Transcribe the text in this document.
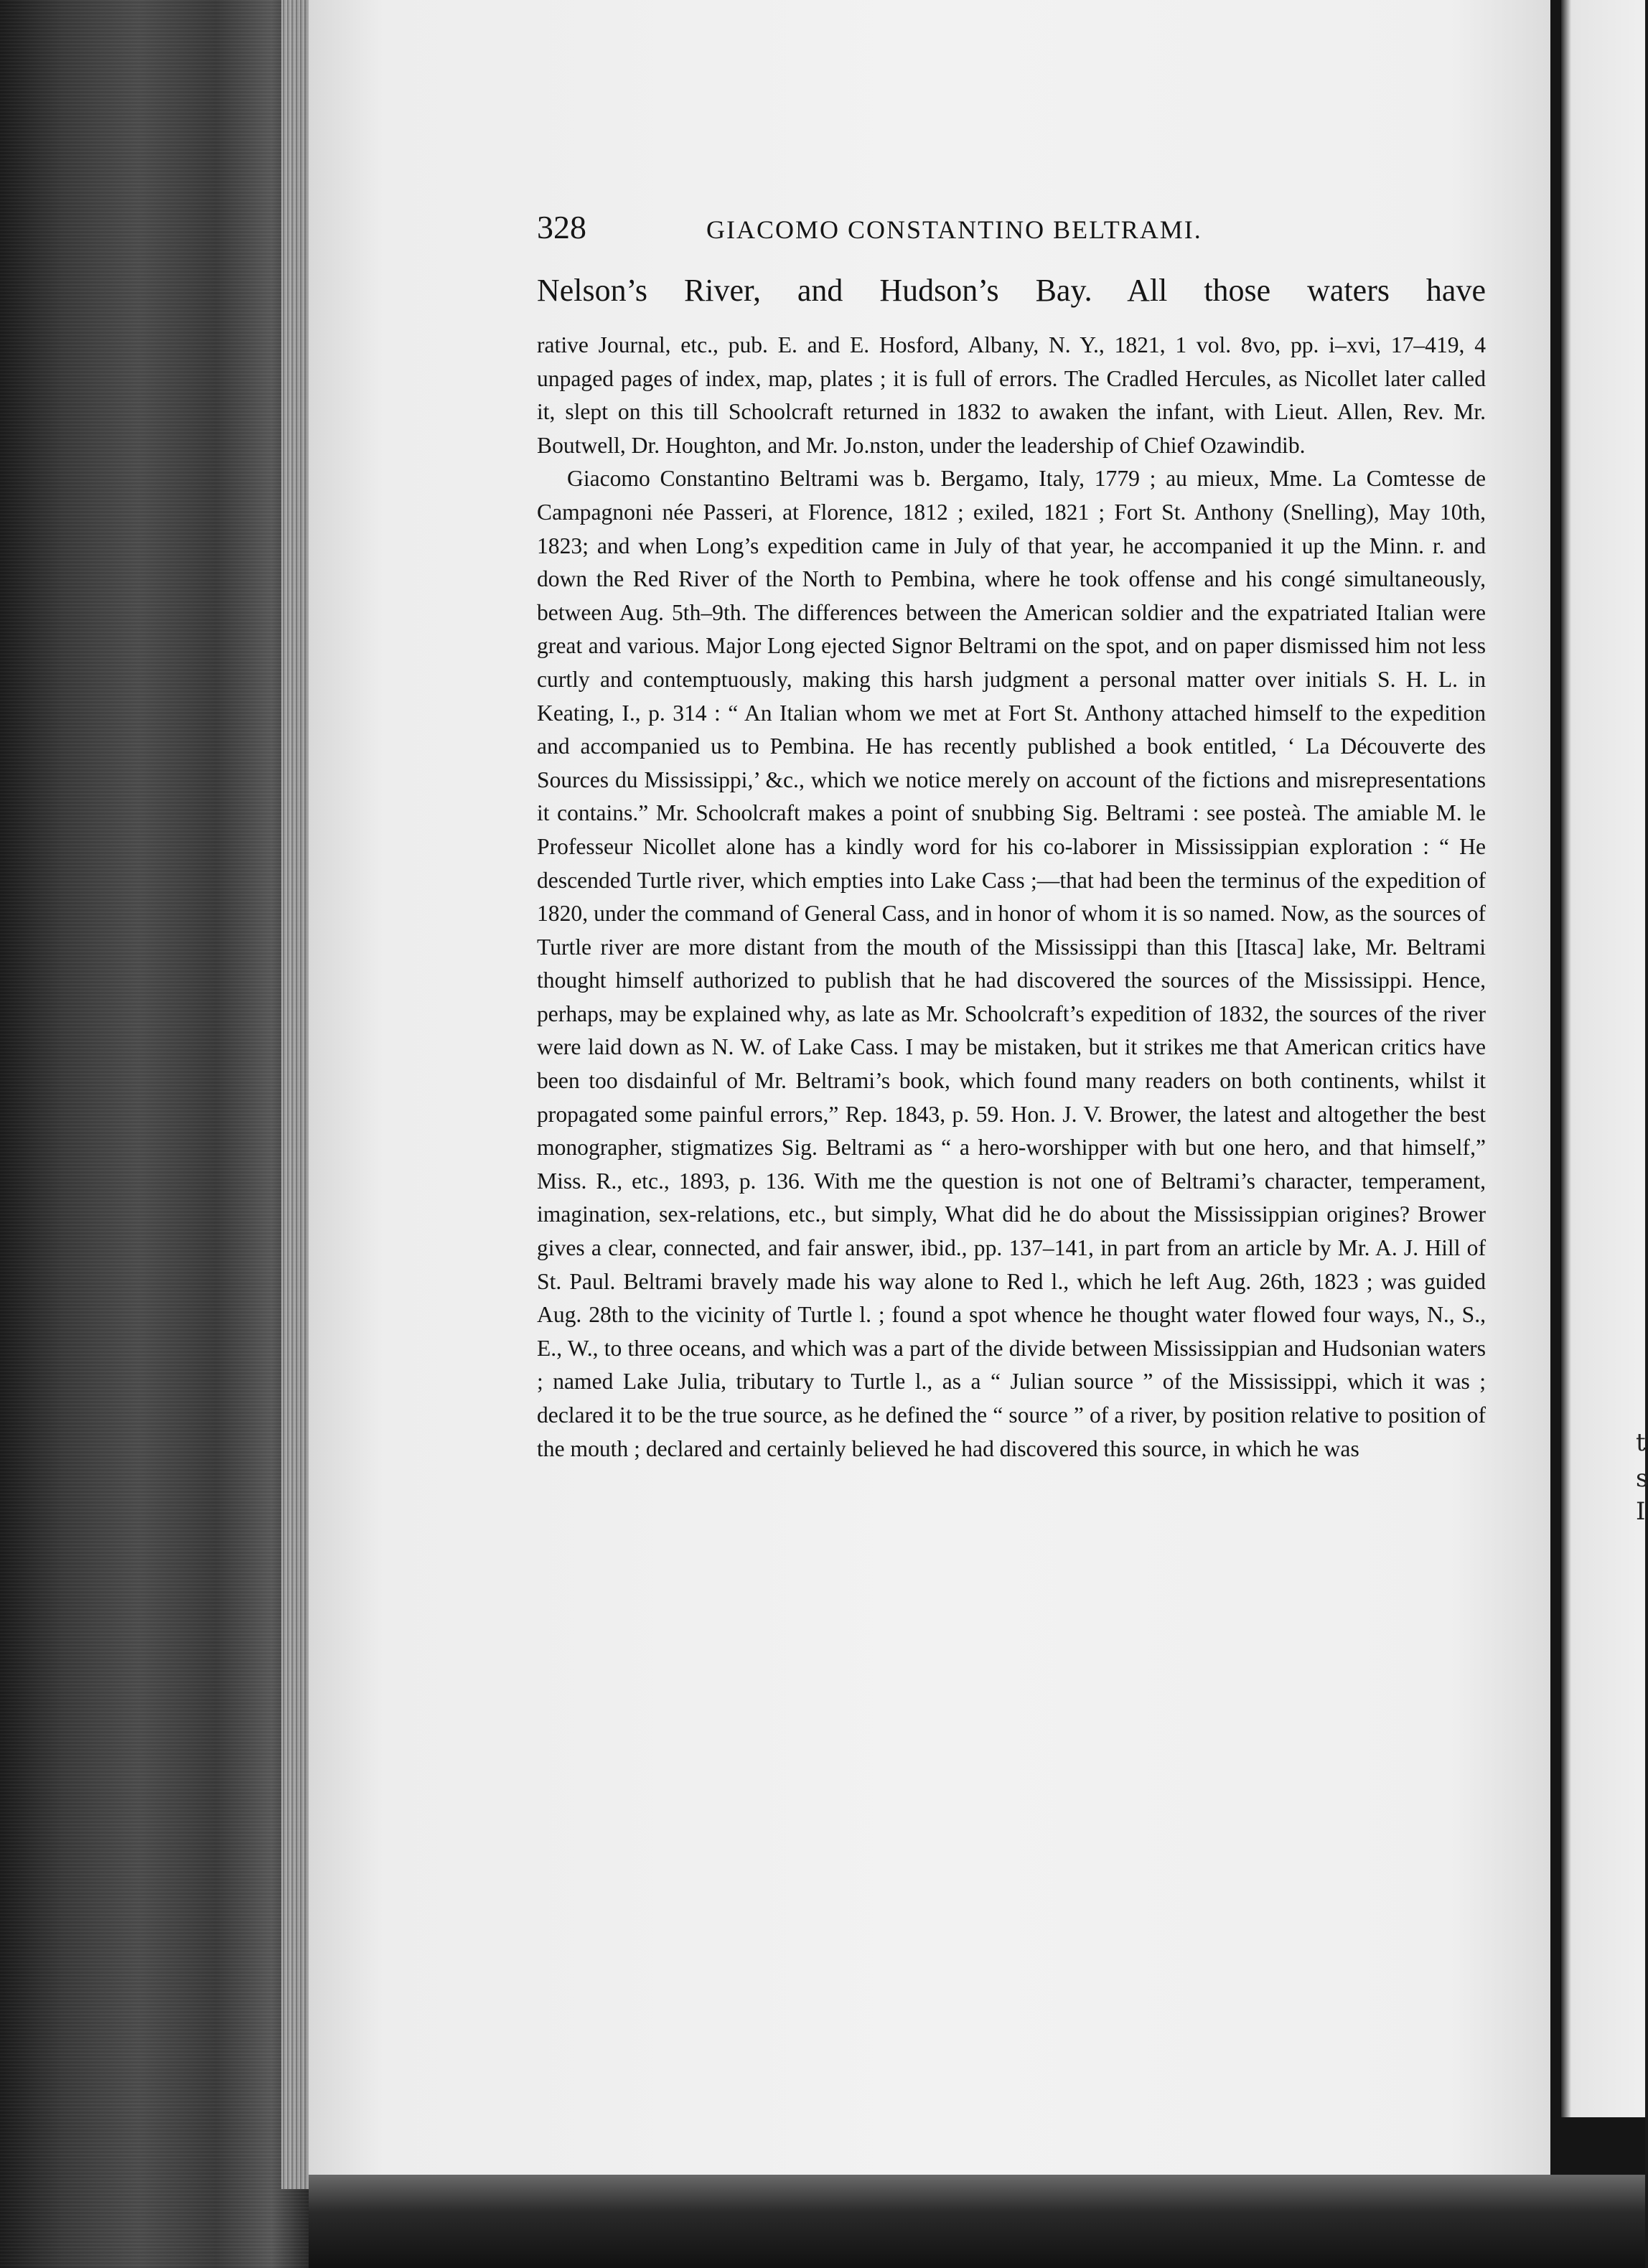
t
s
I
328	GIACOMO CONSTANTINO BELTRAMI.
Nelson’s River, and Hudson’s Bay. All those waters have

rative Journal, etc., pub. E. and E. Hosford, Albany, N. Y., 1821, 1 vol. 8vo, pp. i–xvi, 17–419, 4 unpaged pages of index, map, plates ; it is full of errors. The Cradled Hercules, as Nicollet later called it, slept on this till Schoolcraft returned in 1832 to awaken the infant, with Lieut. Allen, Rev. Mr. Boutwell, Dr. Houghton, and Mr. Jo.nston, under the leadership of Chief Ozawindib.

Giacomo Constantino Beltrami was b. Bergamo, Italy, 1779 ; au mieux, Mme. La Comtesse de Campagnoni née Passeri, at Florence, 1812 ; exiled, 1821 ; Fort St. Anthony (Snelling), May 10th, 1823; and when Long’s expedition came in July of that year, he accompanied it up the Minn. r. and down the Red River of the North to Pembina, where he took offense and his congé simultaneously, between Aug. 5th–9th. The differences between the American soldier and the expatriated Italian were great and various. Major Long ejected Signor Beltrami on the spot, and on paper dismissed him not less curtly and contemptuously, making this harsh judgment a personal matter over initials S. H. L. in Keating, I., p. 314 : “ An Italian whom we met at Fort St. Anthony attached himself to the expedition and accompanied us to Pembina. He has recently published a book entitled, ‘ La Découverte des Sources du Mississippi,’ &c., which we notice merely on account of the fictions and misrepresentations it contains.” Mr. Schoolcraft makes a point of snubbing Sig. Beltrami : see posteà. The amiable M. le Professeur Nicollet alone has a kindly word for his co-laborer in Mississippian exploration : “ He descended Turtle river, which empties into Lake Cass ;—that had been the terminus of the expedition of 1820, under the command of General Cass, and in honor of whom it is so named. Now, as the sources of Turtle river are more distant from the mouth of the Mississippi than this [Itasca] lake, Mr. Beltrami thought himself authorized to publish that he had discovered the sources of the Mississippi. Hence, perhaps, may be explained why, as late as Mr. Schoolcraft’s expedition of 1832, the sources of the river were laid down as N. W. of Lake Cass. I may be mistaken, but it strikes me that American critics have been too disdainful of Mr. Beltrami’s book, which found many readers on both continents, whilst it propagated some painful errors,” Rep. 1843, p. 59. Hon. J. V. Brower, the latest and altogether the best monographer, stigmatizes Sig. Beltrami as “ a hero-worshipper with but one hero, and that himself,” Miss. R., etc., 1893, p. 136. With me the question is not one of Beltrami’s character, temperament, imagination, sex-relations, etc., but simply, What did he do about the Mississippian origines? Brower gives a clear, connected, and fair answer, ibid., pp. 137–141, in part from an article by Mr. A. J. Hill of St. Paul. Beltrami bravely made his way alone to Red l., which he left Aug. 26th, 1823 ; was guided Aug. 28th to the vicinity of Turtle l. ; found a spot whence he thought water flowed four ways, N., S., E., W., to three oceans, and which was a part of the divide between Mississippian and Hudsonian waters ; named Lake Julia, tributary to Turtle l., as a “ Julian source ” of the Mississippi, which it was ; declared it to be the true source, as he defined the “ source ” of a river, by position relative to position of the mouth ; declared and certainly believed he had discovered this source, in which he was
